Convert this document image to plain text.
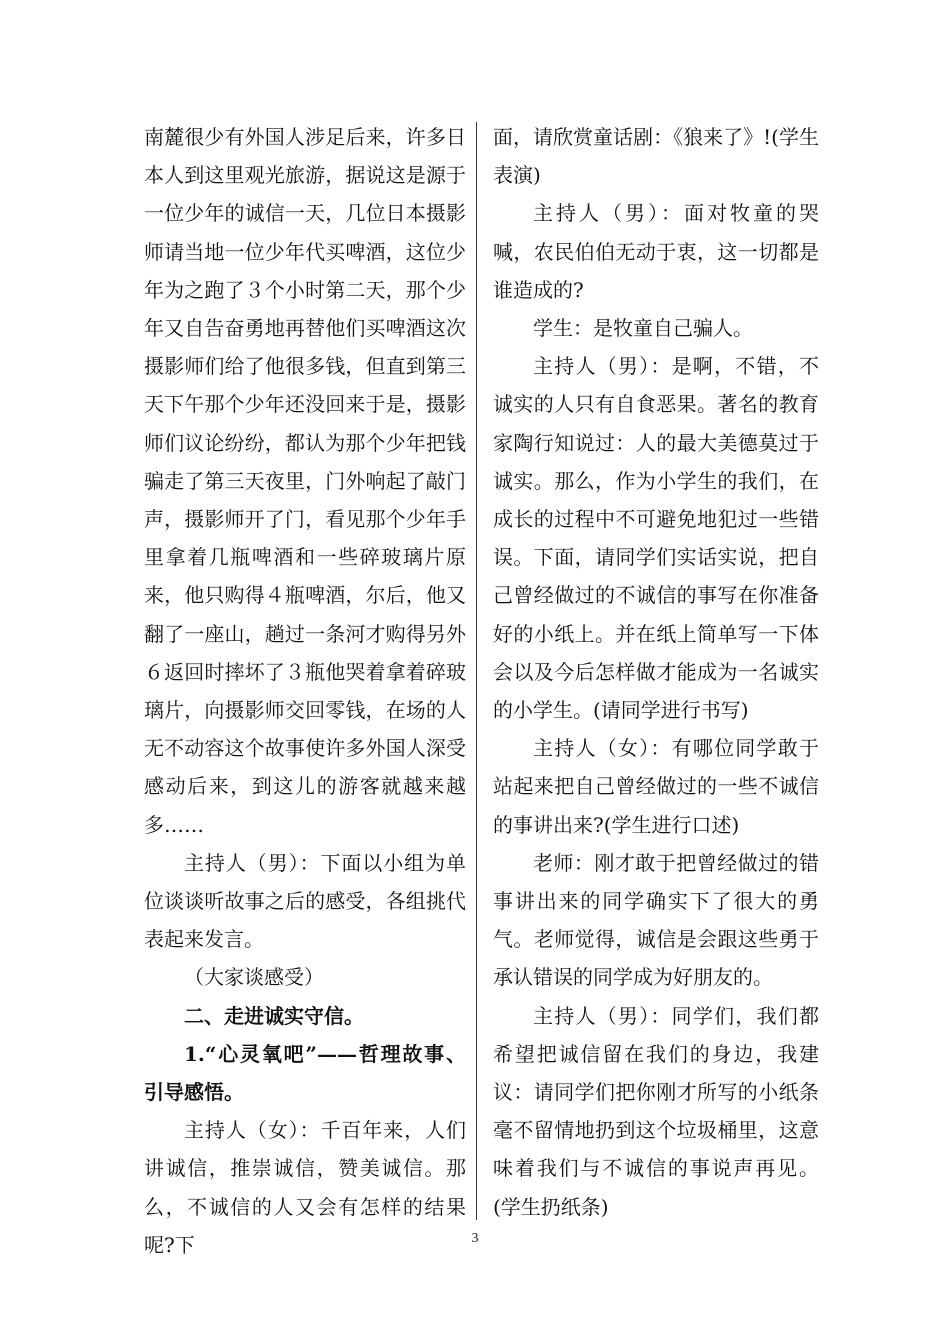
南麓很少有外国人涉足后来，许多日本人到这里观光旅游，据说这是源于一位少年的诚信一天，几位日本摄影师请当地一位少年代买啤酒，这位少年为之跑了３个小时第二天，那个少年又自告奋勇地再替他们买啤酒这次摄影师们给了他很多钱，但直到第三天下午那个少年还没回来于是，摄影师们议论纷纷，都认为那个少年把钱骗走了第三天夜里，门外响起了敲门声，摄影师开了门，看见那个少年手里拿着几瓶啤酒和一些碎玻璃片原来，他只购得４瓶啤酒，尔后，他又翻了一座山，趟过一条河才购得另外６返回时摔坏了３瓶他哭着拿着碎玻璃片，向摄影师交回零钱，在场的人无不动容这个故事使许多外国人深受感动后来，到这儿的游客就越来越多……

主持人（男）：下面以小组为单位谈谈听故事之后的感受，各组挑代表起来发言。

（大家谈感受）

二、走进诚实守信。

1.“心灵氧吧”——哲理故事、引导感悟。

主持人（女）：千百年来，人们讲诚信，推崇诚信，赞美诚信。那么，不诚信的人又会有怎样的结果呢?下

面，请欣赏童话剧：《狼来了》!(学生表演)

主持人（男）：面对牧童的哭喊，农民伯伯无动于衷，这一切都是谁造成的?

学生：是牧童自己骗人。

主持人（男）：是啊，不错，不诚实的人只有自食恶果。著名的教育家陶行知说过：人的最大美德莫过于诚实。那么，作为小学生的我们，在成长的过程中不可避免地犯过一些错误。下面，请同学们实话实说，把自己曾经做过的不诚信的事写在你准备好的小纸上。并在纸上简单写一下体会以及今后怎样做才能成为一名诚实的小学生。(请同学进行书写)

主持人（女）：有哪位同学敢于站起来把自己曾经做过的一些不诚信的事讲出来?(学生进行口述)

老师：刚才敢于把曾经做过的错事讲出来的同学确实下了很大的勇气。老师觉得，诚信是会跟这些勇于承认错误的同学成为好朋友的。

主持人（男）：同学们，我们都希望把诚信留在我们的身边，我建议：请同学们把你刚才所写的小纸条毫不留情地扔到这个垃圾桶里，这意味着我们与不诚信的事说声再见。(学生扔纸条)

3
